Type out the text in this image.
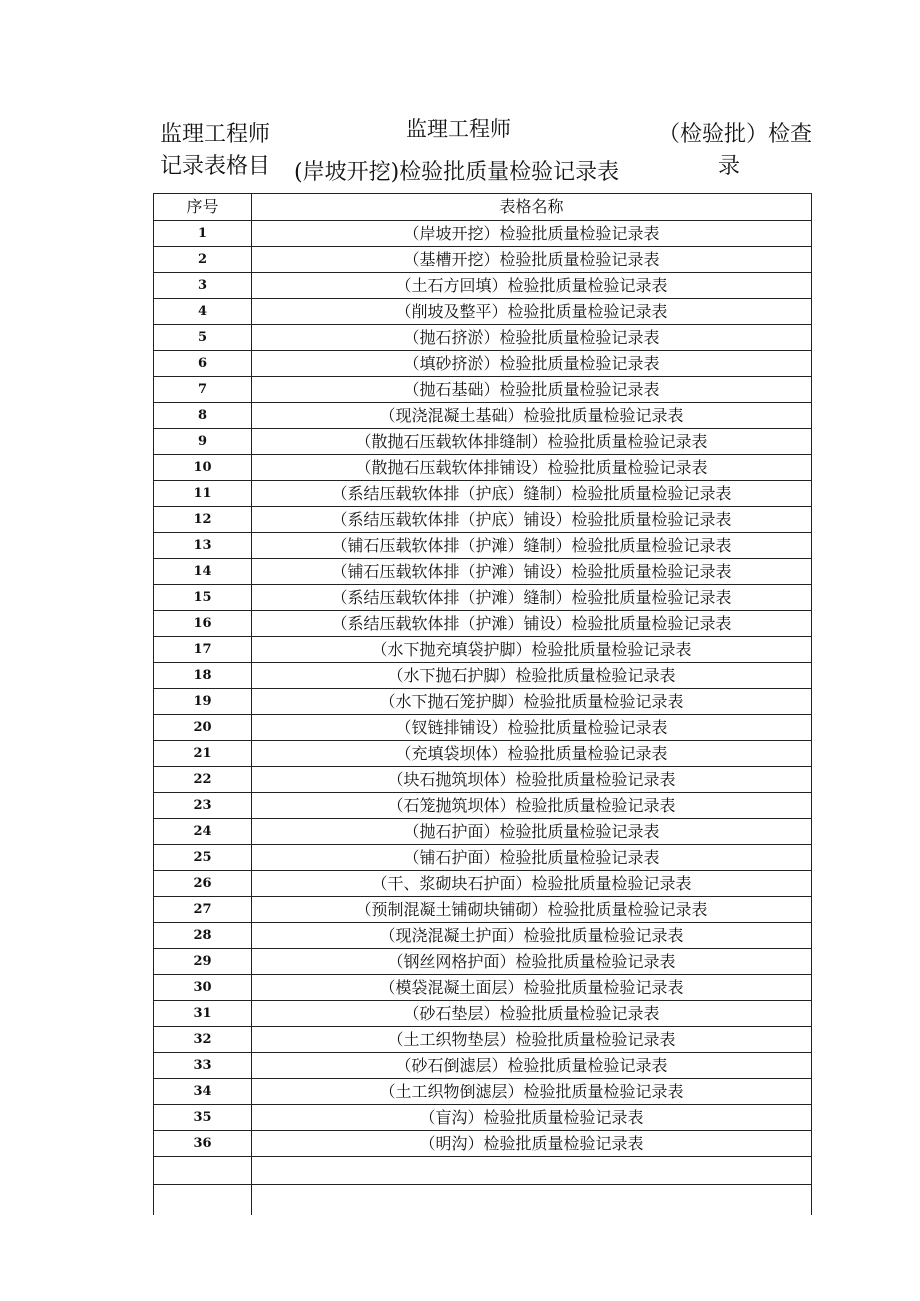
监理工程师
记录表格目
监理工程师
(岸坡开挖)检验批质量检验记录表
（检验批）检查
录
序号	表格名称
1	（岸坡开挖）检验批质量检验记录表
2	（基槽开挖）检验批质量检验记录表
3	（土石方回填）检验批质量检验记录表
4	（削坡及整平）检验批质量检验记录表
5	（抛石挤淤）检验批质量检验记录表
6	（填砂挤淤）检验批质量检验记录表
7	（抛石基础）检验批质量检验记录表
8	（现浇混凝土基础）检验批质量检验记录表
9	（散抛石压载软体排缝制）检验批质量检验记录表
10	（散抛石压载软体排铺设）检验批质量检验记录表
11	（系结压载软体排（护底）缝制）检验批质量检验记录表
12	（系结压载软体排（护底）铺设）检验批质量检验记录表
13	（铺石压载软体排（护滩）缝制）检验批质量检验记录表
14	（铺石压载软体排（护滩）铺设）检验批质量检验记录表
15	（系结压载软体排（护滩）缝制）检验批质量检验记录表
16	（系结压载软体排（护滩）铺设）检验批质量检验记录表
17	（水下抛充填袋护脚）检验批质量检验记录表
18	（水下抛石护脚）检验批质量检验记录表
19	（水下抛石笼护脚）检验批质量检验记录表
20	（钗链排铺设）检验批质量检验记录表
21	（充填袋坝体）检验批质量检验记录表
22	（块石抛筑坝体）检验批质量检验记录表
23	（石笼抛筑坝体）检验批质量检验记录表
24	（抛石护面）检验批质量检验记录表
25	（铺石护面）检验批质量检验记录表
26	（干、浆砌块石护面）检验批质量检验记录表
27	（预制混凝土铺砌块铺砌）检验批质量检验记录表
28	（现浇混凝土护面）检验批质量检验记录表
29	（钢丝网格护面）检验批质量检验记录表
30	（模袋混凝土面层）检验批质量检验记录表
31	（砂石垫层）检验批质量检验记录表
32	（土工织物垫层）检验批质量检验记录表
33	（砂石倒滤层）检验批质量检验记录表
34	（土工织物倒滤层）检验批质量检验记录表
35	（盲沟）检验批质量检验记录表
36	（明沟）检验批质量检验记录表
